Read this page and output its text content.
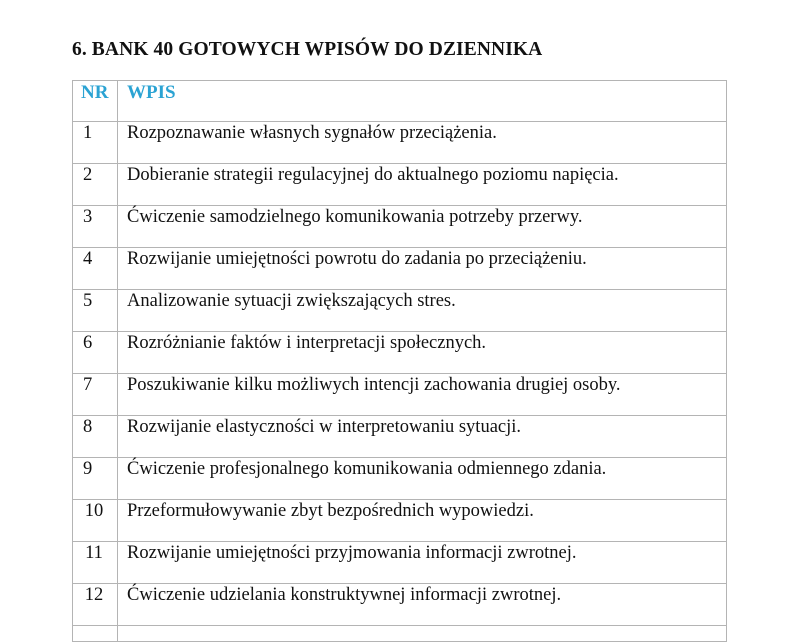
6. BANK 40 GOTOWYCH WPISÓW DO DZIENNIKA
NR	WPIS
1	Rozpoznawanie własnych sygnałów przeciążenia.
2	Dobieranie strategii regulacyjnej do aktualnego poziomu napięcia.
3	Ćwiczenie samodzielnego komunikowania potrzeby przerwy.
4	Rozwijanie umiejętności powrotu do zadania po przeciążeniu.
5	Analizowanie sytuacji zwiększających stres.
6	Rozróżnianie faktów i interpretacji społecznych.
7	Poszukiwanie kilku możliwych intencji zachowania drugiej osoby.
8	Rozwijanie elastyczności w interpretowaniu sytuacji.
9	Ćwiczenie profesjonalnego komunikowania odmiennego zdania.
10	Przeformułowywanie zbyt bezpośrednich wypowiedzi.
11	Rozwijanie umiejętności przyjmowania informacji zwrotnej.
12	Ćwiczenie udzielania konstruktywnej informacji zwrotnej.
